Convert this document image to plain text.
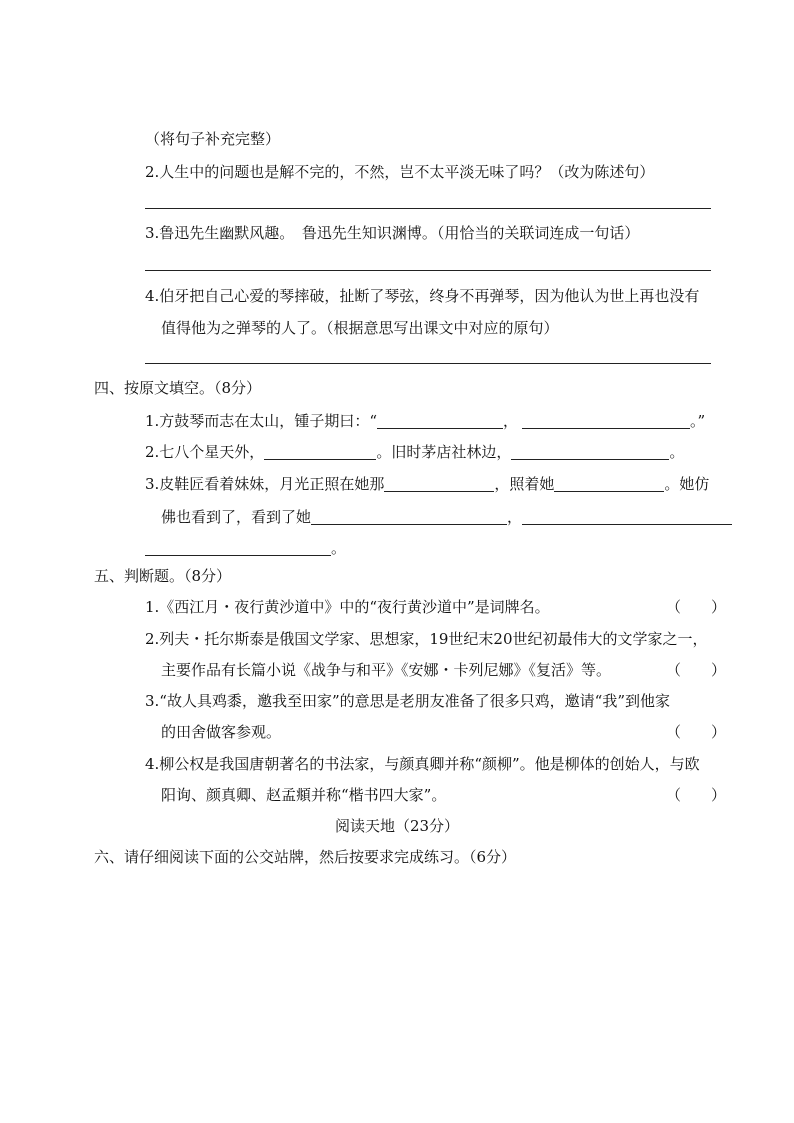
（将句子补充完整）
2.人生中的问题也是解不完的，不然，岂不太平淡无味了吗？（改为陈述句）
3.鲁迅先生幽默风趣。　鲁迅先生知识渊博。（用恰当的关联词连成一句话）
4.伯牙把自己心爱的琴摔破，扯断了琴弦，终身不再弹琴，因为他认为世上再也没有
值得他为之弹琴的人了。（根据意思写出课文中对应的原句）
四、按原文填空。（8分）
1.方鼓琴而志在太山，锺子期曰：“	，	。”
2.七八个星天外，	。旧时茅店社林边，	。
3.皮鞋匠看着妹妹，月光正照在她那	，照着她	。她仿
佛也看到了，看到了她	，
。
五、判断题。（8分）
1.《西江月・夜行黄沙道中》中的“夜行黄沙道中”是词牌名。	（　　）
2.列夫・托尔斯泰是俄国文学家、思想家，19世纪末20世纪初最伟大的文学家之一，
主要作品有长篇小说《战争与和平》《安娜・卡列尼娜》《复活》等。	（　　）
3.“故人具鸡黍，邀我至田家”的意思是老朋友准备了很多只鸡，邀请“我”到他家
的田舍做客参观。	（　　）
4.柳公权是我国唐朝著名的书法家，与颜真卿并称“颜柳”。他是柳体的创始人，与欧
阳询、颜真卿、赵孟頫并称“楷书四大家”。	（　　）
阅读天地（23分）
六、请仔细阅读下面的公交站牌，然后按要求完成练习。（6分）
